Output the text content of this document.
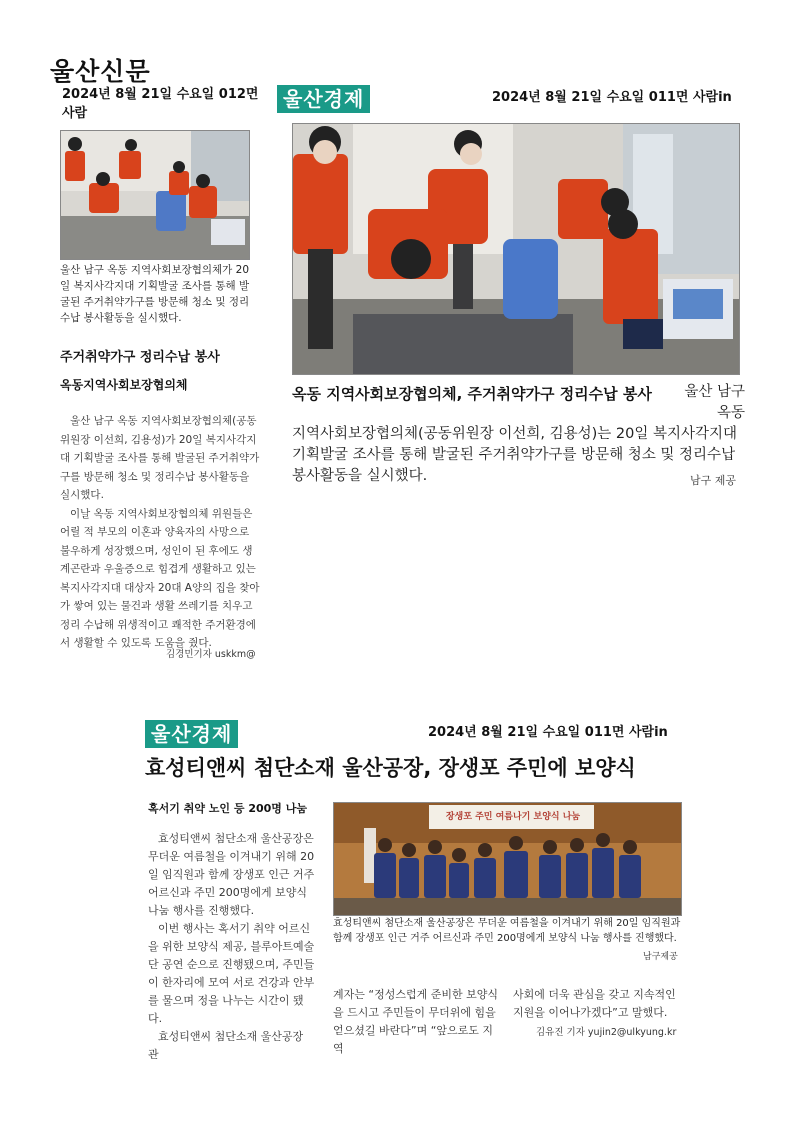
울산신문
2024년 8월 21일 수요일 012면 사람
울산 남구 옥동 지역사회보장협의체가 20일 복지사각지대 기획발굴 조사를 통해 발굴된 주거취약가구를 방문해 청소 및 정리수납 봉사활동을 실시했다.
주거취약가구 정리수납 봉사
옥동지역사회보장협의체

울산 남구 옥동 지역사회보장협의체(공동위원장 이선희, 김용성)가 20일 복지사각지대 기획발굴 조사를 통해 발굴된 주거취약가구를 방문해 청소 및 정리수납 봉사활동을 실시했다.

이날 옥동 지역사회보장협의체 위원들은 어릴 적 부모의 이혼과 양육자의 사망으로 불우하게 성장했으며, 성인이 된 후에도 생계곤란과 우울증으로 힘겹게 생활하고 있는 복지사각지대 대상자 20대 A양의 집을 찾아가 쌓여 있는 물건과 생활 쓰레기를 치우고 정리 수납해 위생적이고 쾌적한 주거환경에서 생활할 수 있도록 도움을 줬다.

김경민기자 uskkm@
울산경제	2024년 8월 21일 수요일 011면 사람in
옥동 지역사회보장협의체, 주거취약가구 정리수납 봉사	울산 남구 옥동
지역사회보장협의체(공동위원장 이선희, 김용성)는 20일 복지사각지대 기획발굴 조사를 통해 발굴된 주거취약가구를 방문해 청소 및 정리수납 봉사활동을 실시했다.	남구 제공
울산경제	2024년 8월 21일 수요일 011면 사람in
효성티앤씨 첨단소재 울산공장, 장생포 주민에 보양식
혹서기 취약 노인 등 200명 나눔

효성티앤씨 첨단소재 울산공장은 무더운 여름철을 이겨내기 위해 20일 임직원과 함께 장생포 인근 거주 어르신과 주민 200명에게 보양식 나눔 행사를 진행했다.

이번 행사는 혹서기 취약 어르신을 위한 보양식 제공, 블루아트예술단 공연 순으로 진행됐으며, 주민들이 한자리에 모여 서로 건강과 안부를 물으며 정을 나누는 시간이 됐다.

효성티앤씨 첨단소재 울산공장 관

장생포 주민 여름나기 보양식 나눔
효성티앤씨 첨단소재 울산공장은 무더운 여름철을 이겨내기 위해 20일 임직원과 함께 장생포 인근 거주 어르신과 주민 200명에게 보양식 나눔 행사를 진행했다.
남구제공
계자는 “정성스럽게 준비한 보양식을 드시고 주민들이 무더위에 힘을 얻으셨길 바란다”며 “앞으로도 지역
사회에 더욱 관심을 갖고 지속적인 지원을 이어나가겠다”고 말했다.
김유진 기자 yujin2@ulkyung.kr
